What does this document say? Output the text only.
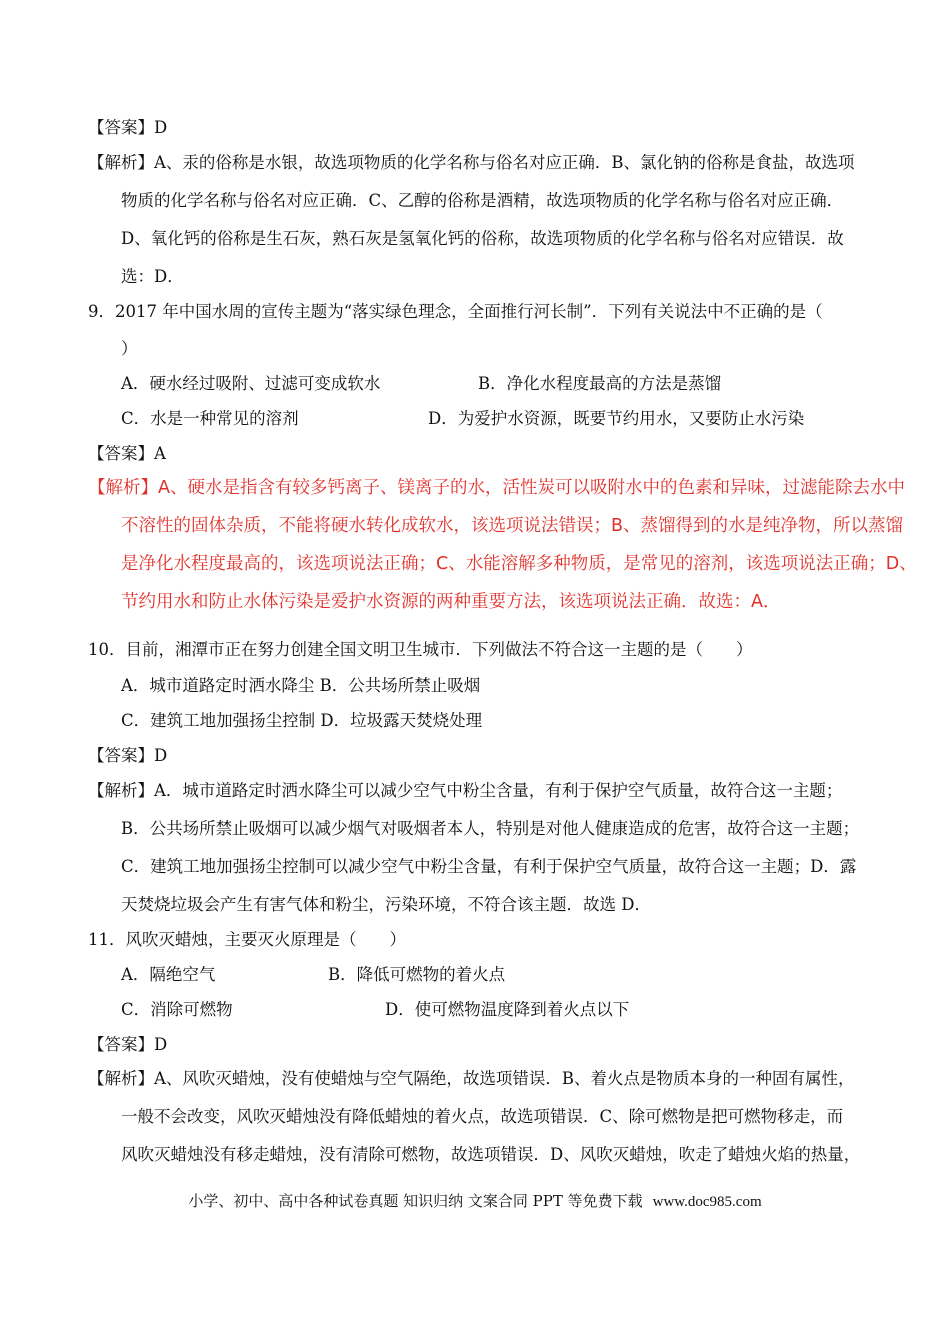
【答案】D
【解析】A、汞的俗称是水银，故选项物质的化学名称与俗名对应正确．B、氯化钠的俗称是食盐，故选项
物质的化学名称与俗名对应正确．C、乙醇的俗称是酒精，故选项物质的化学名称与俗名对应正确．
D、氧化钙的俗称是生石灰，熟石灰是氢氧化钙的俗称，故选项物质的化学名称与俗名对应错误．故
选：D．
9．2017 年中国水周的宣传主题为“落实绿色理念，全面推行河长制”．下列有关说法中不正确的是（
）
A．硬水经过吸附、过滤可变成软水	B．净化水程度最高的方法是蒸馏
C．水是一种常见的溶剂	D．为爱护水资源，既要节约用水，又要防止水污染
【答案】A
【解析】A、硬水是指含有较多钙离子、镁离子的水，活性炭可以吸附水中的色素和异味，过滤能除去水中
不溶性的固体杂质，不能将硬水转化成软水，该选项说法错误；B、蒸馏得到的水是纯净物，所以蒸馏
是净化水程度最高的，该选项说法正确；C、水能溶解多种物质，是常见的溶剂，该选项说法正确；D、
节约用水和防止水体污染是爱护水资源的两种重要方法，该选项说法正确．故选：A．
10．目前，湘潭市正在努力创建全国文明卫生城市．下列做法不符合这一主题的是（　　）
A．城市道路定时洒水降尘 B．公共场所禁止吸烟
C．建筑工地加强扬尘控制 D．垃圾露天焚烧处理
【答案】D
【解析】A．城市道路定时洒水降尘可以减少空气中粉尘含量，有利于保护空气质量，故符合这一主题；
B．公共场所禁止吸烟可以减少烟气对吸烟者本人，特别是对他人健康造成的危害，故符合这一主题；
C．建筑工地加强扬尘控制可以减少空气中粉尘含量，有利于保护空气质量，故符合这一主题；D．露
天焚烧垃圾会产生有害气体和粉尘，污染环境，不符合该主题．故选 D．
11．风吹灭蜡烛，主要灭火原理是（　　）
A．隔绝空气	B．降低可燃物的着火点
C．消除可燃物	D．使可燃物温度降到着火点以下
【答案】D
【解析】A、风吹灭蜡烛，没有使蜡烛与空气隔绝，故选项错误．B、着火点是物质本身的一种固有属性，
一般不会改变，风吹灭蜡烛没有降低蜡烛的着火点，故选项错误．C、除可燃物是把可燃物移走，而
风吹灭蜡烛没有移走蜡烛，没有清除可燃物，故选项错误．D、风吹灭蜡烛，吹走了蜡烛火焰的热量，
小学、初中、高中各种试卷真题 知识归纳 文案合同 PPT 等免费下载 www.doc985.com
